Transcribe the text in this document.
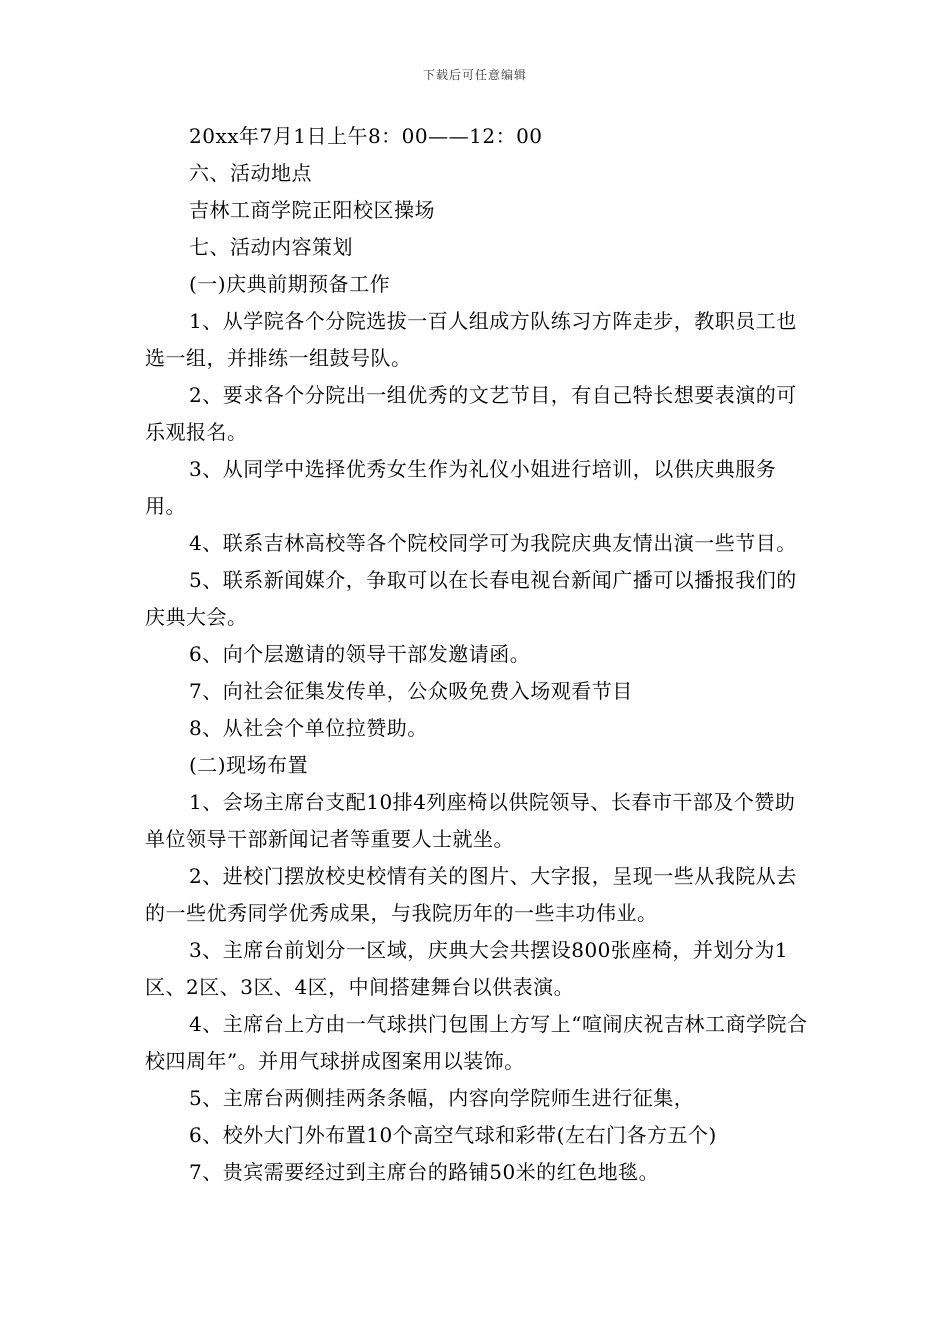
下载后可任意编辑

20xx年7月1日上午8：00——12：00

六、活动地点

吉林工商学院正阳校区操场

七、活动内容策划

(一)庆典前期预备工作

1、从学院各个分院选拔一百人组成方队练习方阵走步，教职员工也选一组，并排练一组鼓号队。

2、要求各个分院出一组优秀的文艺节目，有自己特长想要表演的可乐观报名。

3、从同学中选择优秀女生作为礼仪小姐进行培训，以供庆典服务用。

4、联系吉林高校等各个院校同学可为我院庆典友情出演一些节目。

5、联系新闻媒介，争取可以在长春电视台新闻广播可以播报我们的庆典大会。

6、向个层邀请的领导干部发邀请函。

7、向社会征集发传单，公众吸免费入场观看节目

8、从社会个单位拉赞助。

(二)现场布置

1、会场主席台支配10排4列座椅以供院领导、长春市干部及个赞助单位领导干部新闻记者等重要人士就坐。

2、进校门摆放校史校情有关的图片、大字报，呈现一些从我院从去的一些优秀同学优秀成果，与我院历年的一些丰功伟业。

3、主席台前划分一区域，庆典大会共摆设800张座椅，并划分为1区、2区、3区、4区，中间搭建舞台以供表演。

4、主席台上方由一气球拱门包围上方写上“喧闹庆祝吉林工商学院合校四周年”。并用气球拼成图案用以装饰。

5、主席台两侧挂两条条幅，内容向学院师生进行征集，

6、校外大门外布置10个高空气球和彩带(左右门各方五个)

7、贵宾需要经过到主席台的路铺50米的红色地毯。
